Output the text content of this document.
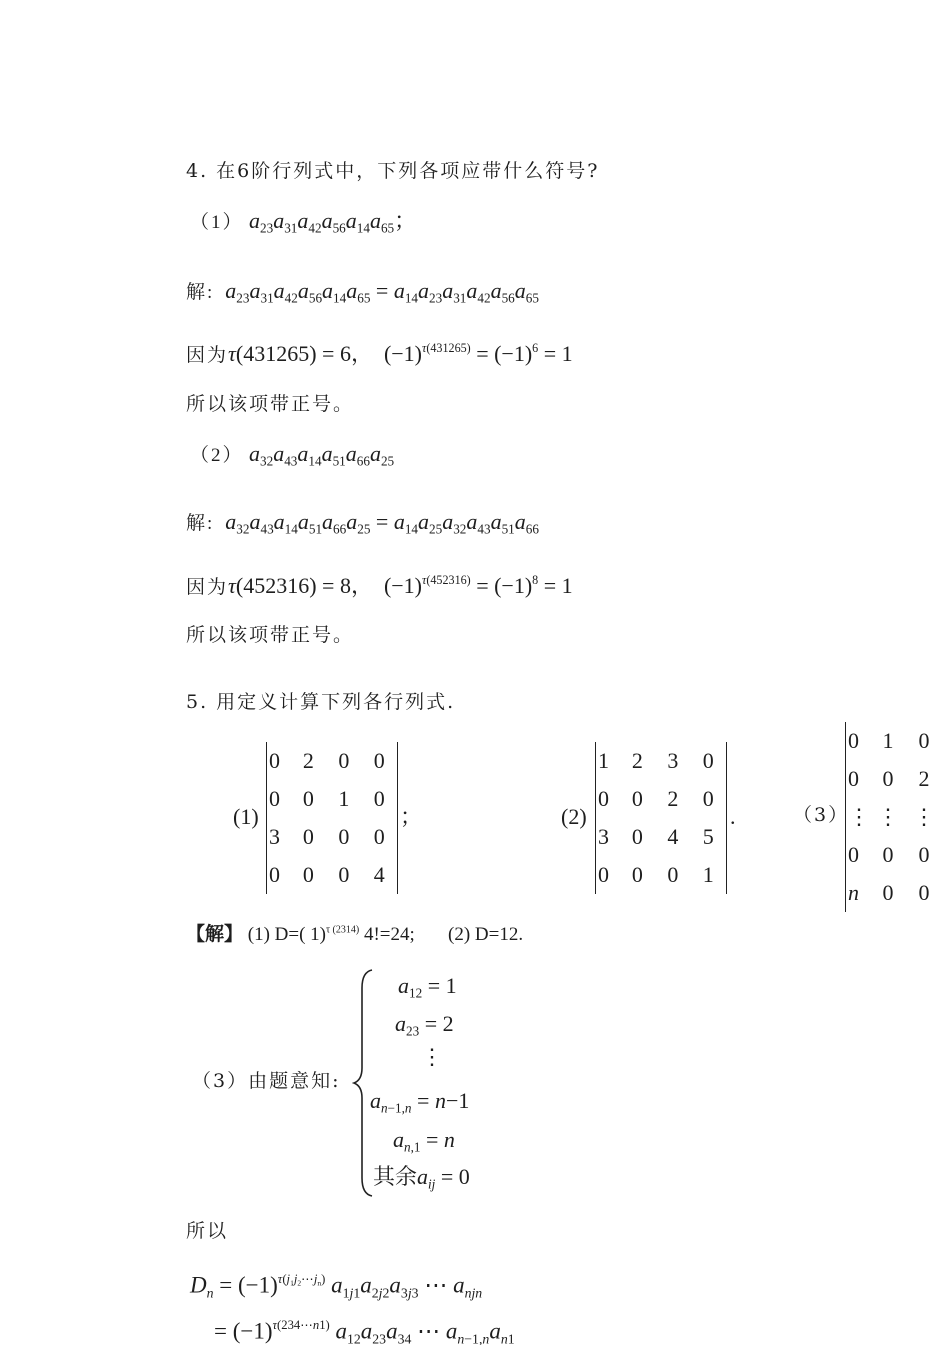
4. 在6阶行列式中，下列各项应带什么符号?
（1） $a_{23}a_{31}a_{42}a_{56}a_{14}a_{65}$；
解: $a_{23}a_{31}a_{42}a_{56}a_{14}a_{65} = a_{14}a_{23}a_{31}a_{42}a_{56}a_{65}$
因为τ(431265) = 6，  $(-1)^{\tau(431265)} = (-1)^6 = 1$
所以该项带正号。
（2） $a_{32}a_{43}a_{14}a_{51}a_{66}a_{25}$
解: $a_{32}a_{43}a_{14}a_{51}a_{66}a_{25} = a_{14}a_{25}a_{32}a_{43}a_{51}a_{66}$
因为τ(452316) = 8，  $(-1)^{\tau(452316)} = (-1)^8 = 1$
所以该项带正号。
5. 用定义计算下列各行列式.
(1)
0	2	0	0
0	0	1	0
3	0	0	0
0	0	0	4
；	(2)
1	2	3	0
0	0	2	0
3	0	4	5
0	0	0	1
.	（3）
0	1	0
0	0	2
⋮ ⋮ ⋮
0	0	0
n	0	0
【解】 (1) D=( 1)$^{\tau (2314)}$ 4!=24; (2) D=12.
（3）由题意知:
$a_{12} = 1$
$a_{23} = 2$
⋮
$a_{n-1,n} = n-1$
$a_{n,1} = n$
其余$a_{ij} = 0$
所以
$D_n = (-1)^{\tau(j_1j_2\cdots j_n)}$ $a_{1j1}a_{2j2}a_{3j3}$ ⋯ $a_{njn}$
= $(-1)^{\tau(234\cdots n1)}$ $a_{12}a_{23}a_{34}$ ⋯ $a_{n-1,n}a_{n1}$
